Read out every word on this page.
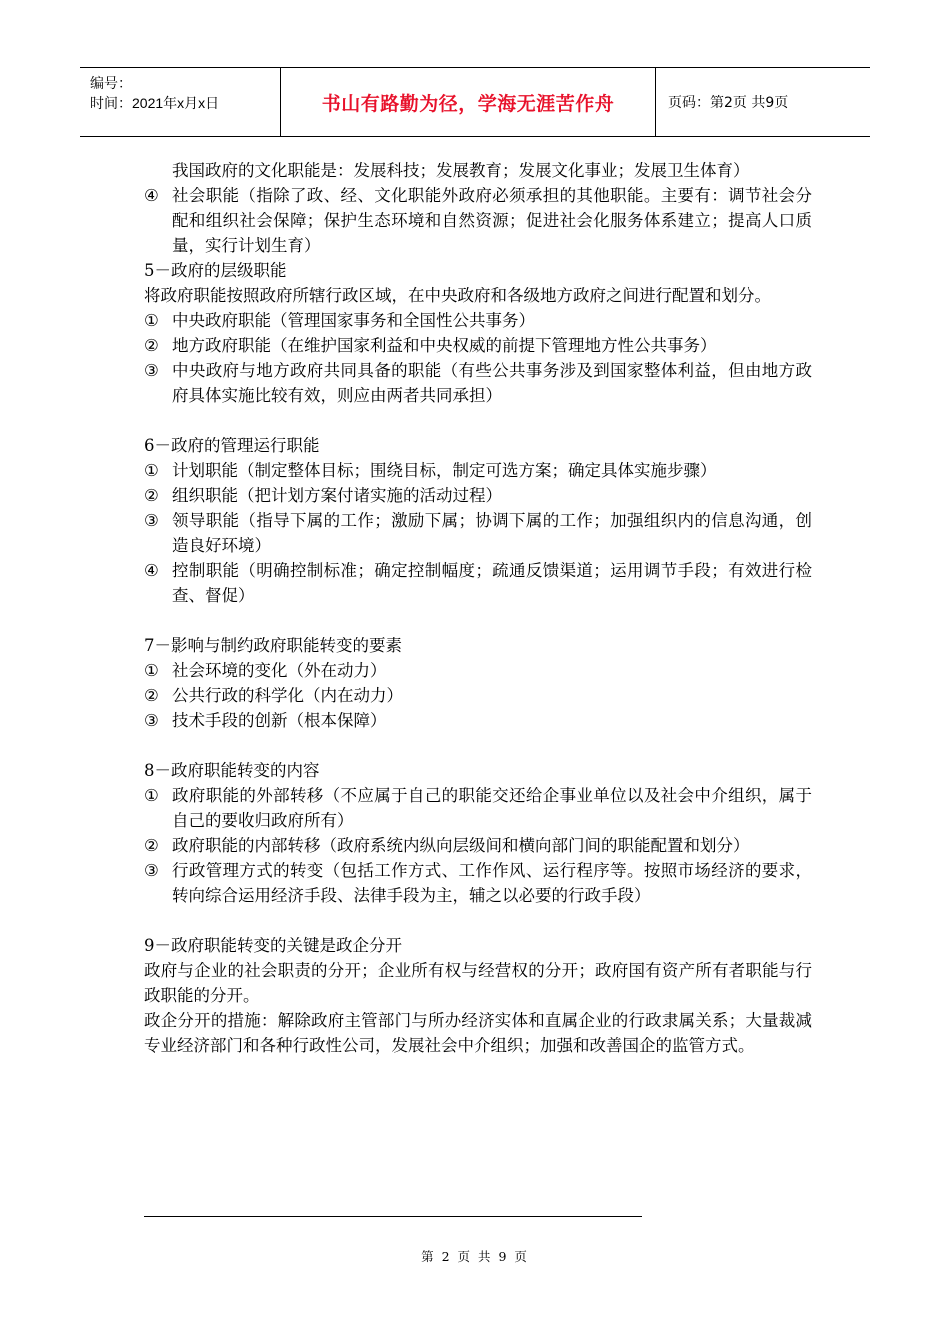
编号：
时间：2021年x月x日	书山有路勤为径，学海无涯苦作舟	页码：第2页 共9页

我国政府的文化职能是：发展科技；发展教育；发展文化事业；发展卫生体育）

④ 社会职能（指除了政、经、文化职能外政府必须承担的其他职能。主要有：调节社会分配和组织社会保障；保护生态环境和自然资源；促进社会化服务体系建立；提高人口质量，实行计划生育）

5－政府的层级职能

将政府职能按照政府所辖行政区域，在中央政府和各级地方政府之间进行配置和划分。

① 中央政府职能（管理国家事务和全国性公共事务）
② 地方政府职能（在维护国家利益和中央权威的前提下管理地方性公共事务）
③ 中央政府与地方政府共同具备的职能（有些公共事务涉及到国家整体利益，但由地方政府具体实施比较有效，则应由两者共同承担）

6－政府的管理运行职能

① 计划职能（制定整体目标；围绕目标，制定可选方案；确定具体实施步骤）
② 组织职能（把计划方案付诸实施的活动过程）
③ 领导职能（指导下属的工作；激励下属；协调下属的工作；加强组织内的信息沟通，创造良好环境）
④ 控制职能（明确控制标准；确定控制幅度；疏通反馈渠道；运用调节手段；有效进行检查、督促）

7－影响与制约政府职能转变的要素

① 社会环境的变化（外在动力）
② 公共行政的科学化（内在动力）
③ 技术手段的创新（根本保障）

8－政府职能转变的内容

① 政府职能的外部转移（不应属于自己的职能交还给企事业单位以及社会中介组织，属于自己的要收归政府所有）
② 政府职能的内部转移（政府系统内纵向层级间和横向部门间的职能配置和划分）
③ 行政管理方式的转变（包括工作方式、工作作风、运行程序等。按照市场经济的要求，转向综合运用经济手段、法律手段为主，辅之以必要的行政手段）

9－政府职能转变的关键是政企分开

政府与企业的社会职责的分开；企业所有权与经营权的分开；政府国有资产所有者职能与行政职能的分开。

政企分开的措施：解除政府主管部门与所办经济实体和直属企业的行政隶属关系；大量裁减专业经济部门和各种行政性公司，发展社会中介组织；加强和改善国企的监管方式。

第 2 页 共 9 页
